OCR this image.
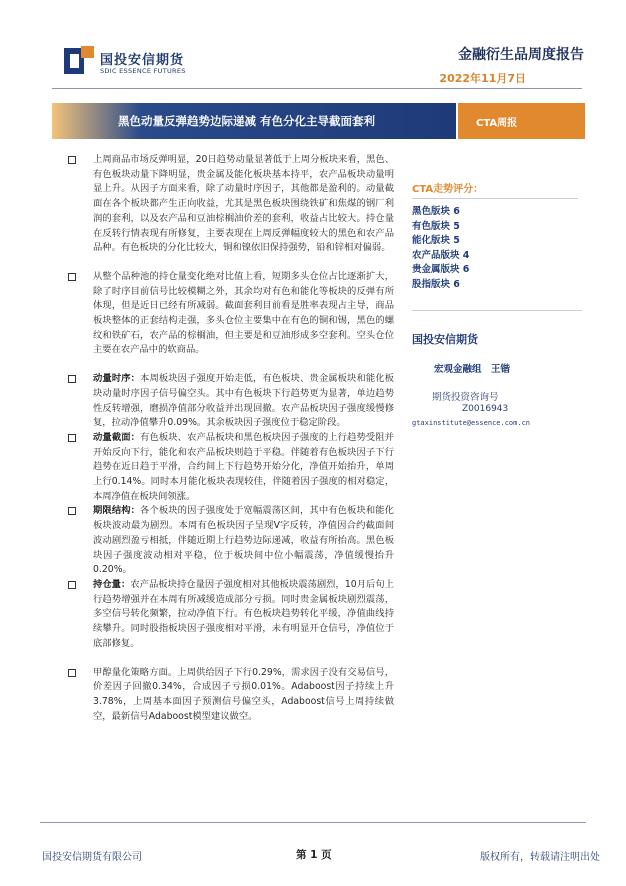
国投安信期货
SDIC ESSENCE FUTURES
金融衍生品周度报告
2022年11月7日
黑色动量反弹趋势边际递减 有色分化主导截面套利	CTA周报

上周商品市场反弹明显，20日趋势动量显著低于上周分板块来看，黑色、有色板块动量下降明显，贵金属及能化板块基本持平，农产品板块动量明显上升。从因子方面来看，除了动量时序因子，其他都是盈利的。动量截面在各个板块都产生正向收益，尤其是黑色板块围绕铁矿和焦煤的钢厂利润的套利，以及农产品和豆油棕榈油价差的套利，收益占比较大。持仓量在反转行情表现有所修复，主要表现在上周反弹幅度较大的黑色和农产品品种。有色板块的分化比较大，铜和镍依旧保持强势，铅和锌相对偏弱。

从整个品种池的持仓量变化绝对比值上看，短期多头仓位占比逐渐扩大，除了时序目前信号比较模糊之外，其余均对有色和能化等板块的反弹有所体现，但是近日已经有所减弱。截面套利目前看是胜率表现占主导，商品板块整体的正套结构走强，多头仓位主要集中在有色的铜和锡，黑色的螺纹和铁矿石，农产品的棕榈油，但主要是和豆油形成多空套利。空头仓位主要在农产品中的软商品。

动量时序：本周板块因子强度开始走低，有色板块、贵金属板块和能化板块动量时序因子信号偏空头。其中有色板块下行趋势更为显著，单边趋势性反转增强，磨损净值部分收益并出现回撤。农产品板块因子强度缓慢修复，拉动净值攀升0.09%。其余板块因子强度位于稳定阶段。

动量截面：有色板块、农产品板块和黑色板块因子强度的上行趋势受阻并开始反向下行，能化和农产品板块则趋于平稳。伴随着有色板块因子下行趋势在近日趋于平滑，合约间上下行趋势开始分化，净值开始抬升，单周上行0.14%。同时本月能化板块表现较佳，伴随着因子强度的相对稳定，本周净值在板块间领涨。

期限结构：各个板块的因子强度处于宽幅震荡区间，其中有色板块和能化板块波动最为剧烈。本周有色板块因子呈现V字反转，净值因合约截面间波动剧烈盈亏相抵，伴随近期上行趋势边际递减，收益有所抬高。黑色板块因子强度波动相对平稳，位于板块间中位小幅震荡，净值缓慢抬升0.20%。

持仓量：农产品板块持仓量因子强度相对其他板块震荡剧烈，10月后旬上行趋势增强并在本周有所减缓造成部分亏损。同时贵金属板块剧烈震荡，多空信号转化频繁，拉动净值下行。有色板块趋势转化平缓，净值曲线持续攀升。同时股指板块因子强度相对平滑，未有明显开仓信号，净值位于底部修复。

甲醇量化策略方面。上周供给因子下行0.29%，需求因子没有交易信号，价差因子回撤0.34%，合成因子亏损0.01%。Adaboost因子持续上升3.78%，上周基本面因子预测信号偏空头，Adaboost信号上周持续做空，最新信号Adaboost模型建议做空。

CTA走势评分：
黑色版块 6
有色版块 5
能化版块 5
农产品版块 4
贵金属版块 6
股指版块 6
国投安信期货
宏观金融组　王锴
期货投资咨询号
Z0016943
gtaxinstitute@essence.com.cn
国投安信期货有限公司	第 1 页	版权所有，转载请注明出处
